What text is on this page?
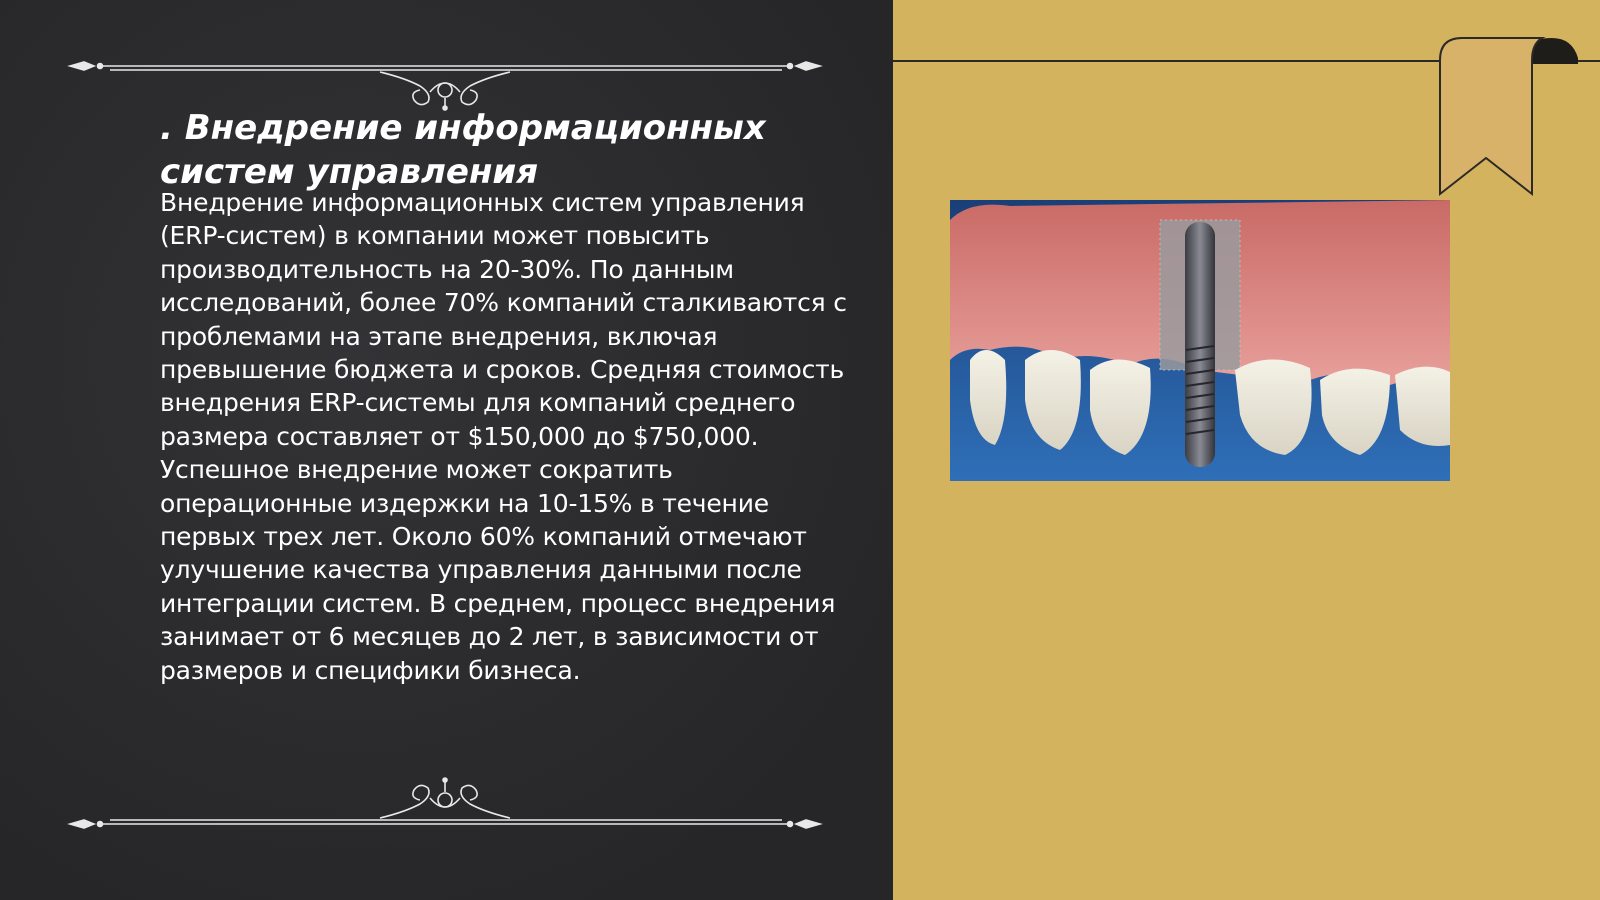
. Внедрение информационных систем управления

Внедрение информационных систем управления (ERP-систем) в компании может повысить производительность на 20-30%. По данным исследований, более 70% компаний сталкиваются с проблемами на этапе внедрения, включая превышение бюджета и сроков. Средняя стоимость внедрения ERP-системы для компаний среднего размера составляет от $150,000 до $750,000. Успешное внедрение может сократить операционные издержки на 10-15% в течение первых трех лет. Около 60% компаний отмечают улучшение качества управления данными после интеграции систем. В среднем, процесс внедрения занимает от 6 месяцев до 2 лет, в зависимости от размеров и специфики бизнеса.
